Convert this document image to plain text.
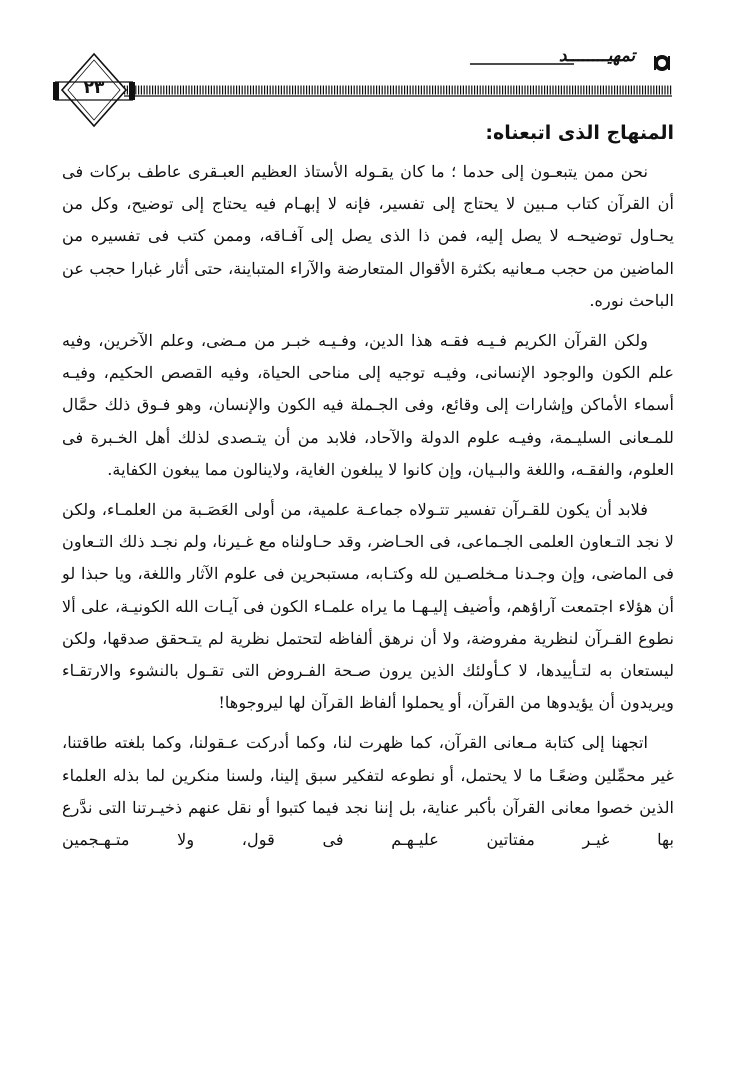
تمهيــــــــد
٢٣
المنهاج الذى اتبعناه:

نحن ممن يتبعـون إلى حدما ؛ ما كان يقـوله الأستاذ العظيم العبـقرى عاطف بركات فى أن القرآن كتاب مـبين لا يحتاج إلى تفسير، فإنه لا إبهـام فيه يحتاج إلى توضيح، وكل من يحـاول توضيحـه لا يصل إليه، فمن ذا الذى يصل إلى آفـاقه، وممن كتب فى تفسيره من الماضين من حجب مـعانيه بكثرة الأقوال المتعارضة والآراء المتباينة، حتى أثار غبارا حجب عن الباحث نوره.

ولكن القرآن الكريم فـيـه فقـه هذا الدين، وفـيـه خبـر من مـضى، وعلم الآخرين، وفيه علم الكون والوجود الإنسانى، وفيـه توجيه إلى مناحى الحياة، وفيه القصص الحكيم، وفيـه أسماء الأماكن وإشارات إلى وقائع، وفى الجـملة فيه الكون والإنسان، وهو فـوق ذلك حمَّال للمـعانى السليـمة، وفيـه علوم الدولة والآحاد، فلابد من أن يتـصدى لذلك أهل الخـبرة فى العلوم، والفقـه، واللغة والبـيان، وإن كانوا لا يبلغون الغاية، ولاينالون مما يبغون الكفاية.

فلابد أن يكون للقـرآن تفسير تتـولاه جماعـة علمية، من أولى العَصَـبة من العلمـاء، ولكن لا نجد التـعاون العلمى الجـماعى، فى الحـاضر، وقد حـاولناه مع غـيرنا، ولم نجـد ذلك التـعاون فى الماضى، وإن وجـدنا مـخلصـين لله وكتـابه، مستبحرين فى علوم الآثار واللغة، ويا حبذا لو أن هؤلاء اجتمعت آراؤهم، وأضيف إليـهـا ما يراه علمـاء الكون فى آيـات الله الكونيـة، على ألا نطوع القـرآن لنظرية مفروضة، ولا أن نرهق ألفاظه لتحتمل نظرية لم يتـحقق صدقها، ولكن ليستعان به لتـأييدها، لا كـأولئك الذين يرون صـحة الفـروض التى تقـول بالنشوء والارتقـاء ويريدون أن يؤيدوها من القرآن، أو يحملوا ألفاظ القرآن لها ليروجوها!

اتجهنا إلى كتابة مـعانى القرآن، كما ظهرت لنا، وكما أدركت عـقولنا، وكما بلغته طاقتنا، غير محمِّلين وضعًـا ما لا يحتمل، أو نطوعه لتفكير سبق إلينا، ولسنا منكرين لما بذله العلماء الذين خصوا معانى القرآن بأكبر عناية، بل إننا نجد فيما كتبوا أو نقل عنهم ذخيـرتنا التى ندَّرع بها غيـر مفتاتين عليـهـم فى قول، ولا متـهـجمين
